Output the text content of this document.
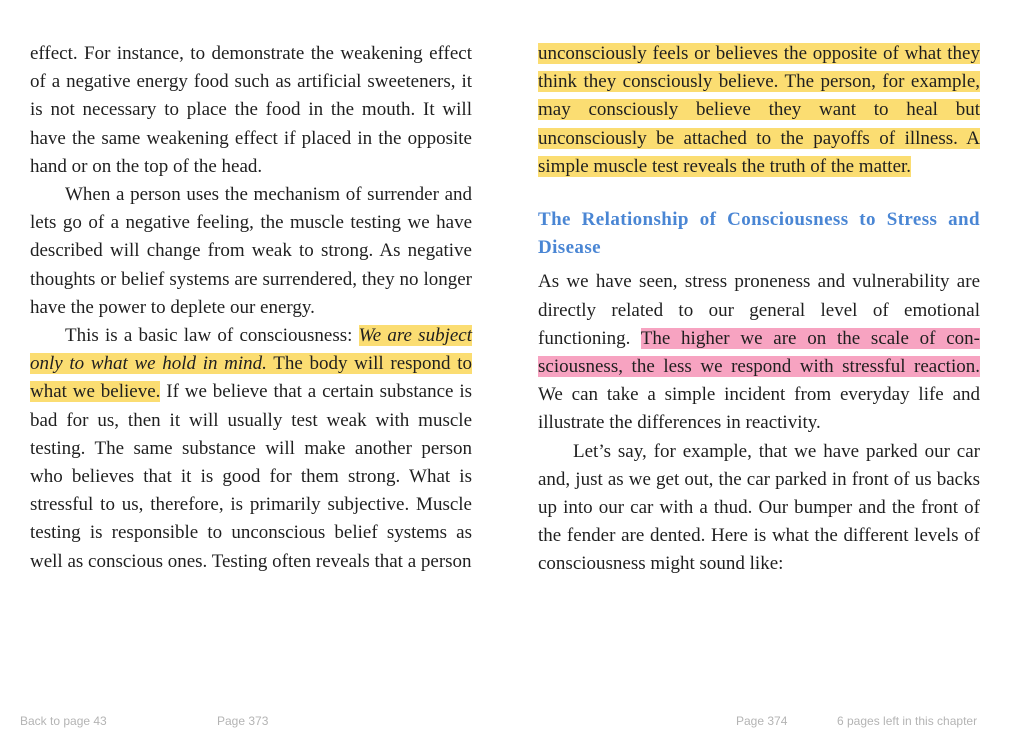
effect. For instance, to demonstrate the weakening effect of a negative energy food such as artificial sweeteners, it is not necessary to place the food in the mouth. It will have the same weakening effect if placed in the opposite hand or on the top of the head.

When a person uses the mechanism of surrender and lets go of a negative feeling, the muscle testing we have described will change from weak to strong. As negative thoughts or belief systems are surrendered, they no longer have the power to deplete our energy.

This is a basic law of consciousness: We are subject only to what we hold in mind. The body will respond to what we believe. If we believe that a certain substance is bad for us, then it will usually test weak with muscle testing. The same substance will make another person who believes that it is good for them strong. What is stressful to us, therefore, is primarily subjective. Muscle testing is responsible to unconscious belief systems as well as conscious ones. Testing often reveals that a person

unconsciously feels or believes the opposite of what they think they consciously believe. The person, for example, may consciously believe they want to heal but unconsciously be attached to the payoffs of illness. A simple muscle test reveals the truth of the matter.

The Relationship of Consciousness to Stress and Disease

As we have seen, stress proneness and vulnerability are directly related to our general level of emotional functioning. The higher we are on the scale of consciousness, the less we respond with stressful reaction. We can take a simple incident from everyday life and illustrate the differences in reactivity.

Let’s say, for example, that we have parked our car and, just as we get out, the car parked in front of us backs up into our car with a thud. Our bumper and the front of the fender are dented. Here is what the different levels of consciousness might sound like:

Back to page 43	Page 373	Page 374	6 pages left in this chapter
